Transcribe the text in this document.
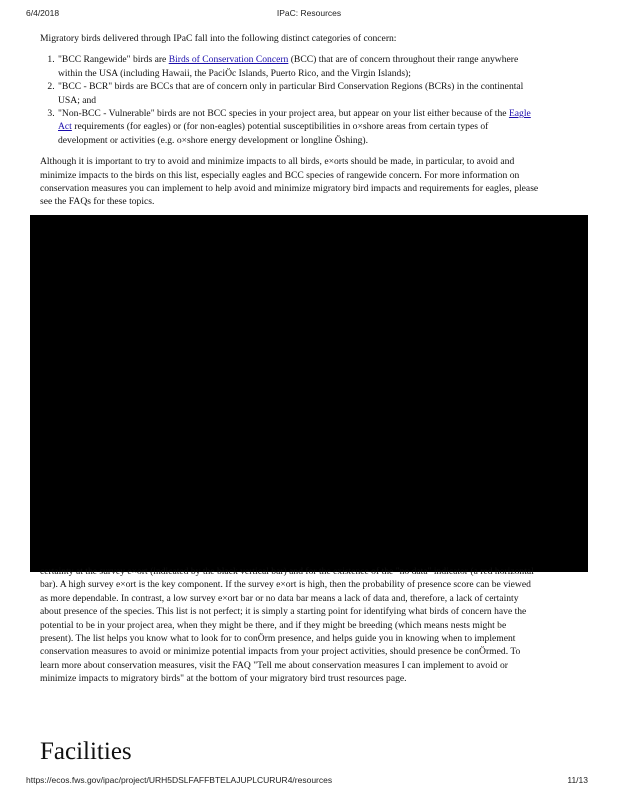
6/4/2018	IPaC: Resources

Migratory birds delivered through IPaC fall into the following distinct categories of concern:

1. "BCC Rangewide" birds are Birds of Conservation Concern (BCC) that are of concern throughout their range anywhere within the USA (including Hawaii, the PaciÖc Islands, Puerto Rico, and the Virgin Islands);
2. "BCC - BCR" birds are BCCs that are of concern only in particular Bird Conservation Regions (BCRs) in the continental USA; and
3. "Non-BCC - Vulnerable" birds are not BCC species in your project area, but appear on your list either because of the Eagle Act requirements (for eagles) or (for non-eagles) potential susceptibilities in o×shore areas from certain types of development or activities (e.g. o×shore energy development or longline Öshing).

Although it is important to try to avoid and minimize impacts to all birds, e×orts should be made, in particular, to avoid and minimize impacts to the birds on this list, especially eagles and BCC species of rangewide concern. For more information on conservation measures you can implement to help avoid and minimize migratory bird impacts and requirements for eagles, please see the FAQs for these topics.

certainty at the survey e×ort (indicated by the black vertical bar) and for the existence of the "no data" indicator (a red horizontal bar). A high survey e×ort is the key component. If the survey e×ort is high, then the probability of presence score can be viewed as more dependable. In contrast, a low survey e×ort bar or no data bar means a lack of data and, therefore, a lack of certainty about presence of the species. This list is not perfect; it is simply a starting point for identifying what birds of concern have the potential to be in your project area, when they might be there, and if they might be breeding (which means nests might be present). The list helps you know what to look for to conÖrm presence, and helps guide you in knowing when to implement conservation measures to avoid or minimize potential impacts from your project activities, should presence be conÖrmed. To learn more about conservation measures, visit the FAQ "Tell me about conservation measures I can implement to avoid or minimize impacts to migratory birds" at the bottom of your migratory bird trust resources page.

Facilities
https://ecos.fws.gov/ipac/project/URH5DSLFAFFBTELAJUPLCURUR4/resources	11/13
